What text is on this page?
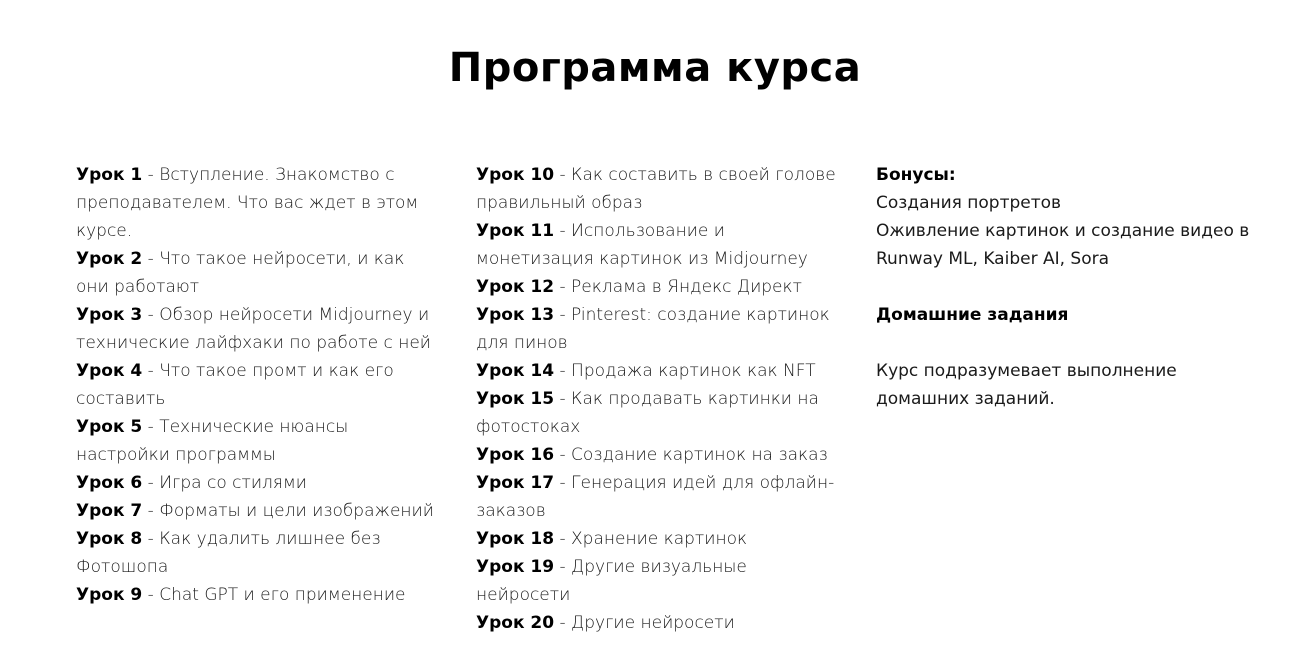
Программа курса
Урок 1 - Вступление. Знакомство с преподавателем. Что вас ждет в этом курсе.
Урок 2 - Что такое нейросети, и как они работают
Урок 3 - Обзор нейросети Midjourney и технические лайфхаки по работе с ней
Урок 4 - Что такое промт и как его составить
Урок 5 - Технические нюансы настройки программы
Урок 6 - Игра со стилями
Урок 7 - Форматы и цели изображений
Урок 8 - Как удалить лишнее без Фотошопа
Урок 9 - Chat GPT и его применение
Урок 10 - Как составить в своей голове правильный образ
Урок 11 - Использование и монетизация картинок из Midjourney
Урок 12 - Реклама в Яндекс Директ
Урок 13 - Pinterest: создание картинок для пинов
Урок 14 - Продажа картинок как NFT
Урок 15 - Как продавать картинки на фотостоках
Урок 16 - Создание картинок на заказ
Урок 17 - Генерация идей для офлайн-заказов
Урок 18 - Хранение картинок
Урок 19 - Другие визуальные нейросети
Урок 20 - Другие нейросети
Бонусы:
Создания портретов
Оживление картинок и создание видео в Runway ML, Kaiber AI, Sora
Домашние задания
Курс подразумевает выполнение домашних заданий.
